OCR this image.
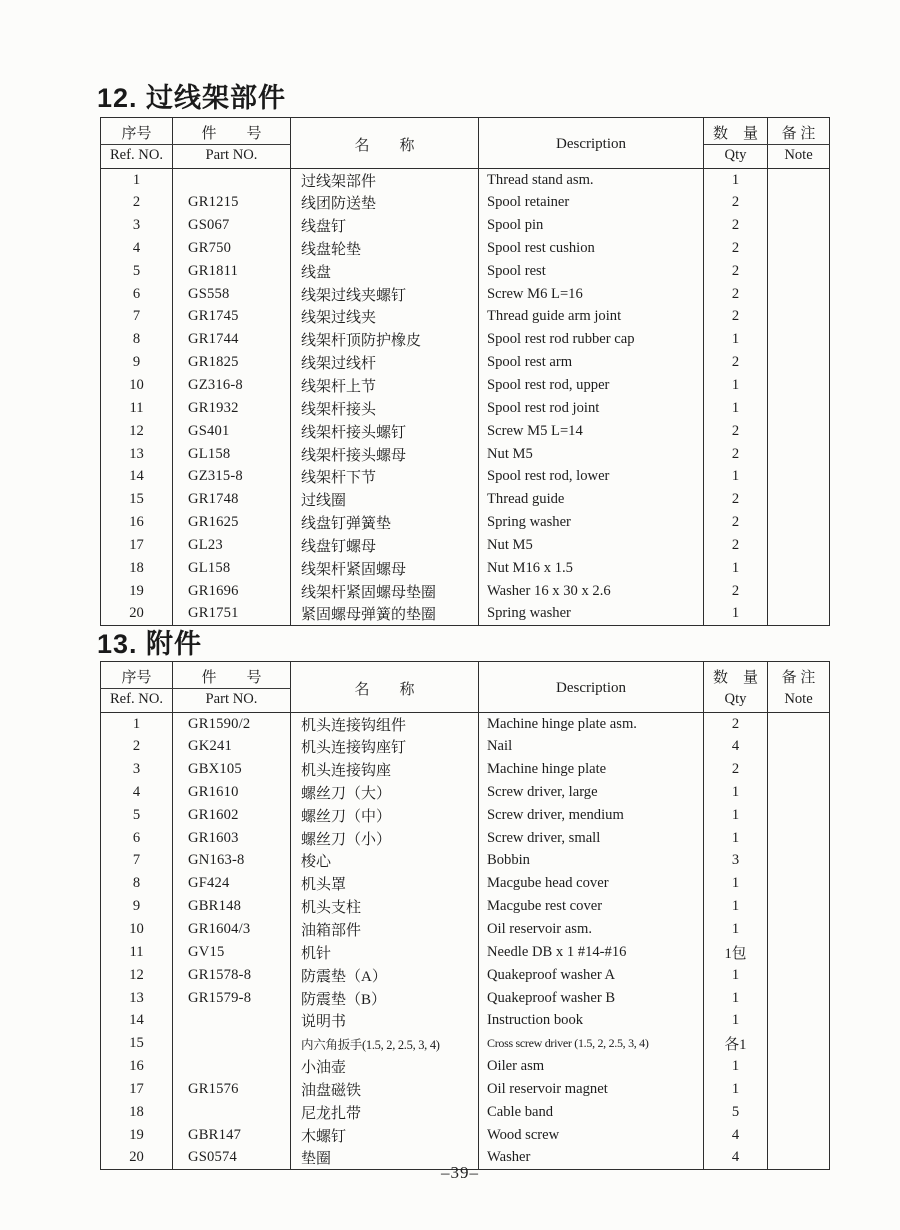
12. 过线架部件
序号	件　　号	名　　称	Description	数　量	备 注
Ref. NO.	Part NO.			Qty	Note
1		过线架部件	Thread stand asm.	1	
2	GR1215	线团防送垫	Spool retainer	2	
3	GS067	线盘钉	Spool pin	2	
4	GR750	线盘轮垫	Spool rest cushion	2	
5	GR1811	线盘	Spool rest	2	
6	GS558	线架过线夹螺钉	Screw M6 L=16	2	
7	GR1745	线架过线夹	Thread guide arm joint	2	
8	GR1744	线架杆顶防护橡皮	Spool rest rod rubber cap	1	
9	GR1825	线架过线杆	Spool rest arm	2	
10	GZ316-8	线架杆上节	Spool rest rod, upper	1	
11	GR1932	线架杆接头	Spool rest rod joint	1	
12	GS401	线架杆接头螺钉	Screw M5 L=14	2	
13	GL158	线架杆接头螺母	Nut M5	2	
14	GZ315-8	线架杆下节	Spool rest rod, lower	1	
15	GR1748	过线圈	Thread guide	2	
16	GR1625	线盘钉弹簧垫	Spring washer	2	
17	GL23	线盘钉螺母	Nut M5	2	
18	GL158	线架杆紧固螺母	Nut M16 x 1.5	1	
19	GR1696	线架杆紧固螺母垫圈	Washer 16 x 30 x 2.6	2	
20	GR1751	紧固螺母弹簧的垫圈	Spring washer	1	
13. 附件
序号	件　　号	名　　称	Description	数　量	备 注
Ref. NO.	Part NO.			Qty	Note
1	GR1590/2	机头连接钩组件	Machine hinge plate asm.	2	
2	GK241	机头连接钩座钉	Nail	4	
3	GBX105	机头连接钩座	Machine hinge plate	2	
4	GR1610	螺丝刀（大）	Screw driver, large	1	
5	GR1602	螺丝刀（中）	Screw driver, mendium	1	
6	GR1603	螺丝刀（小）	Screw driver, small	1	
7	GN163-8	梭心	Bobbin	3	
8	GF424	机头罩	Macgube head cover	1	
9	GBR148	机头支柱	Macgube rest cover	1	
10	GR1604/3	油箱部件	Oil reservoir asm.	1	
11	GV15	机针	Needle DB x 1 #14-#16	1包	
12	GR1578-8	防震垫（A）	Quakeproof washer A	1	
13	GR1579-8	防震垫（B）	Quakeproof washer B	1	
14		说明书	Instruction book	1	
15		内六角扳手(1.5, 2, 2.5, 3, 4)	Cross screw driver (1.5, 2, 2.5, 3, 4)	各1	
16		小油壶	Oiler asm	1	
17	GR1576	油盘磁铁	Oil reservoir magnet	1	
18		尼龙扎带	Cable band	5	
19	GBR147	木螺钉	Wood screw	4	
20	GS0574	垫圈	Washer	4	
–39–
